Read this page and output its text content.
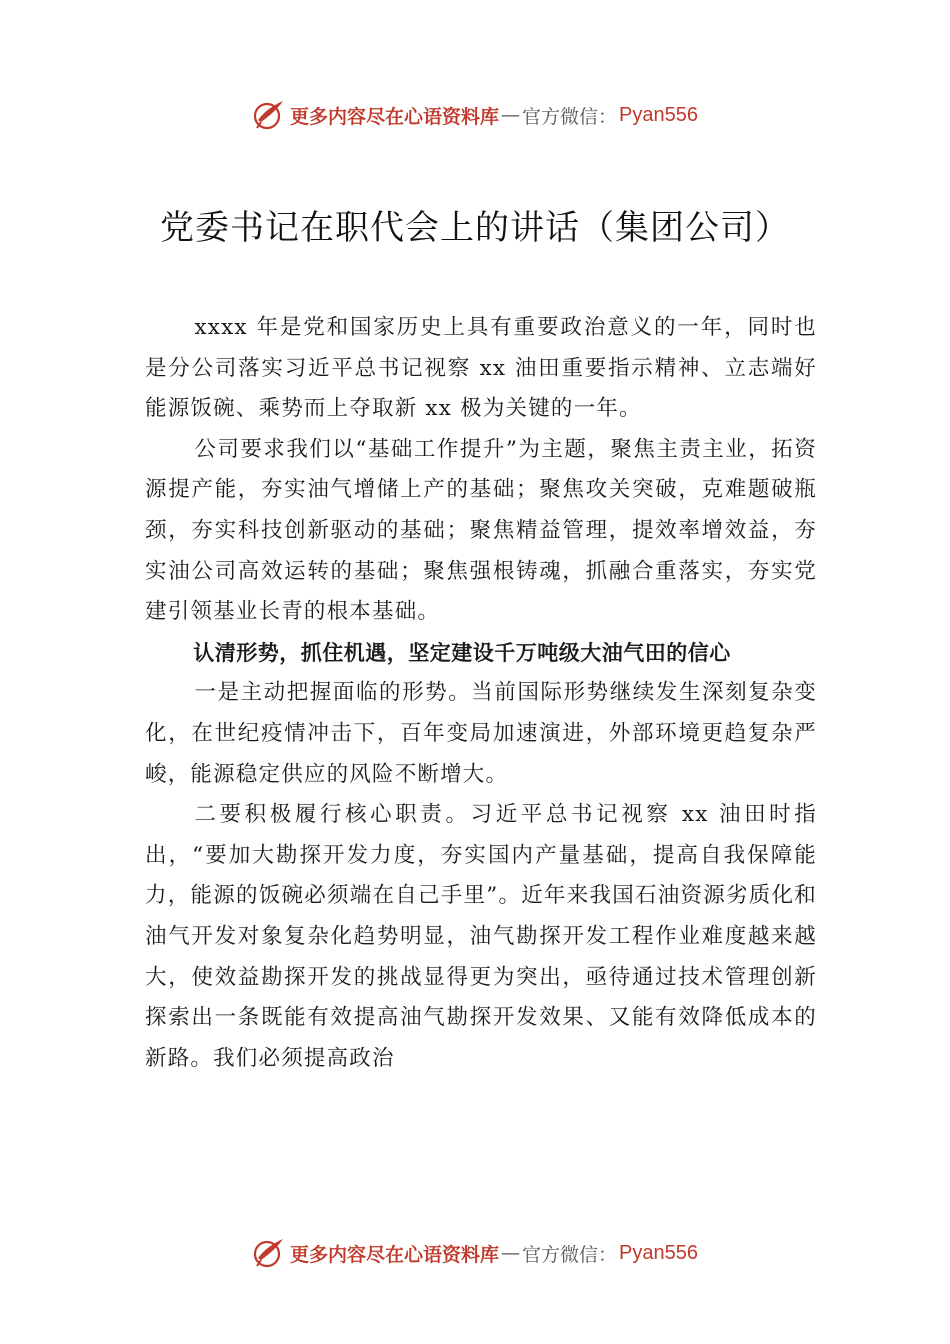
更多内容尽在心语资料库 — 官方微信： Pyan556
党委书记在职代会上的讲话（集团公司）

xxxx 年是党和国家历史上具有重要政治意义的一年，同时也是分公司落实习近平总书记视察 xx 油田重要指示精神、立志端好能源饭碗、乘势而上夺取新 xx 极为关键的一年。

公司要求我们以“基础工作提升”为主题，聚焦主责主业，拓资源提产能，夯实油气增储上产的基础；聚焦攻关突破，克难题破瓶颈，夯实科技创新驱动的基础；聚焦精益管理，提效率增效益，夯实油公司高效运转的基础；聚焦强根铸魂，抓融合重落实，夯实党建引领基业长青的根本基础。

认清形势，抓住机遇，坚定建设千万吨级大油气田的信心

一是主动把握面临的形势。当前国际形势继续发生深刻复杂变化，在世纪疫情冲击下，百年变局加速演进，外部环境更趋复杂严峻，能源稳定供应的风险不断增大。

二要积极履行核心职责。习近平总书记视察 xx 油田时指出，“要加大勘探开发力度，夯实国内产量基础，提高自我保障能力，能源的饭碗必须端在自己手里”。近年来我国石油资源劣质化和油气开发对象复杂化趋势明显，油气勘探开发工程作业难度越来越大，使效益勘探开发的挑战显得更为突出，亟待通过技术管理创新探索出一条既能有效提高油气勘探开发效果、又能有效降低成本的新路。我们必须提高政治

更多内容尽在心语资料库 — 官方微信： Pyan556
